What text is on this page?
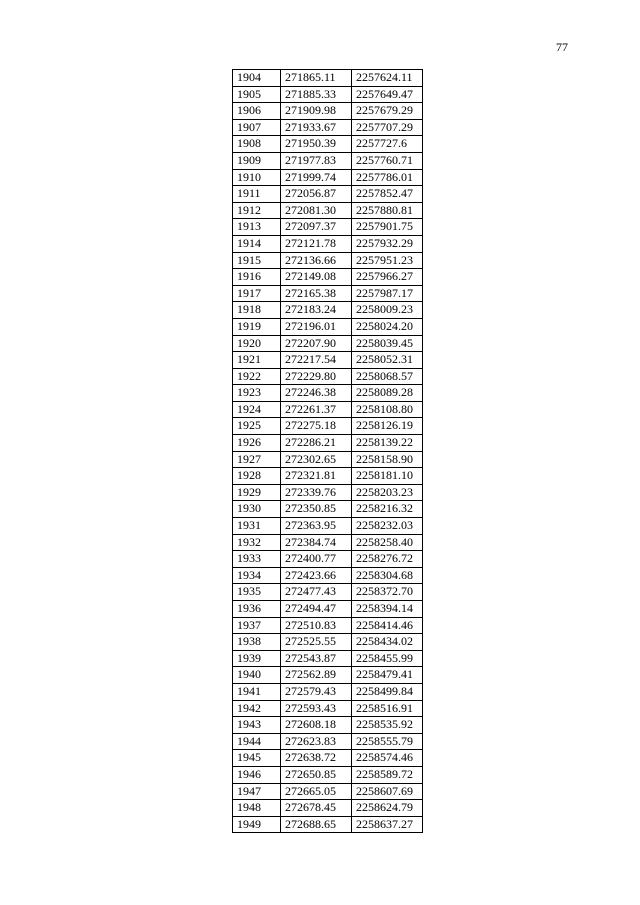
77
1904	271865.11	2257624.11
1905	271885.33	2257649.47
1906	271909.98	2257679.29
1907	271933.67	2257707.29
1908	271950.39	2257727.6
1909	271977.83	2257760.71
1910	271999.74	2257786.01
1911	272056.87	2257852.47
1912	272081.30	2257880.81
1913	272097.37	2257901.75
1914	272121.78	2257932.29
1915	272136.66	2257951.23
1916	272149.08	2257966.27
1917	272165.38	2257987.17
1918	272183.24	2258009.23
1919	272196.01	2258024.20
1920	272207.90	2258039.45
1921	272217.54	2258052.31
1922	272229.80	2258068.57
1923	272246.38	2258089.28
1924	272261.37	2258108.80
1925	272275.18	2258126.19
1926	272286.21	2258139.22
1927	272302.65	2258158.90
1928	272321.81	2258181.10
1929	272339.76	2258203.23
1930	272350.85	2258216.32
1931	272363.95	2258232.03
1932	272384.74	2258258.40
1933	272400.77	2258276.72
1934	272423.66	2258304.68
1935	272477.43	2258372.70
1936	272494.47	2258394.14
1937	272510.83	2258414.46
1938	272525.55	2258434.02
1939	272543.87	2258455.99
1940	272562.89	2258479.41
1941	272579.43	2258499.84
1942	272593.43	2258516.91
1943	272608.18	2258535.92
1944	272623.83	2258555.79
1945	272638.72	2258574.46
1946	272650.85	2258589.72
1947	272665.05	2258607.69
1948	272678.45	2258624.79
1949	272688.65	2258637.27
